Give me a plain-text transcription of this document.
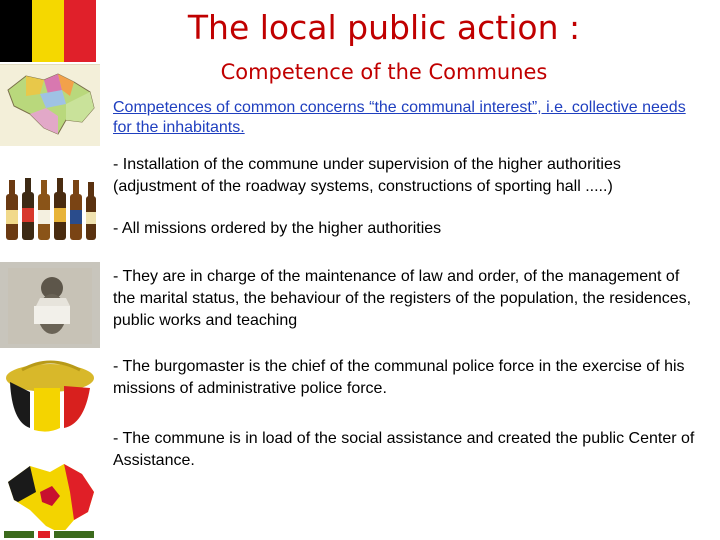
The local public action :
Competence of the Communes
Competences of common concerns “the communal interest”, i.e. collective needs for the inhabitants.
- Installation of the commune under supervision of the higher authorities (adjustment of the roadway systems, constructions of sporting hall .....)
- All missions ordered by the higher authorities
- They are in charge of the maintenance of law and order, of the management of the marital status, the behaviour of the registers of the population, the residences, public works and teaching
- The burgomaster is the chief of the communal police force in the exercise of his missions of administrative police force.
- The commune is in load of the social assistance and created the public Center of Assistance.
